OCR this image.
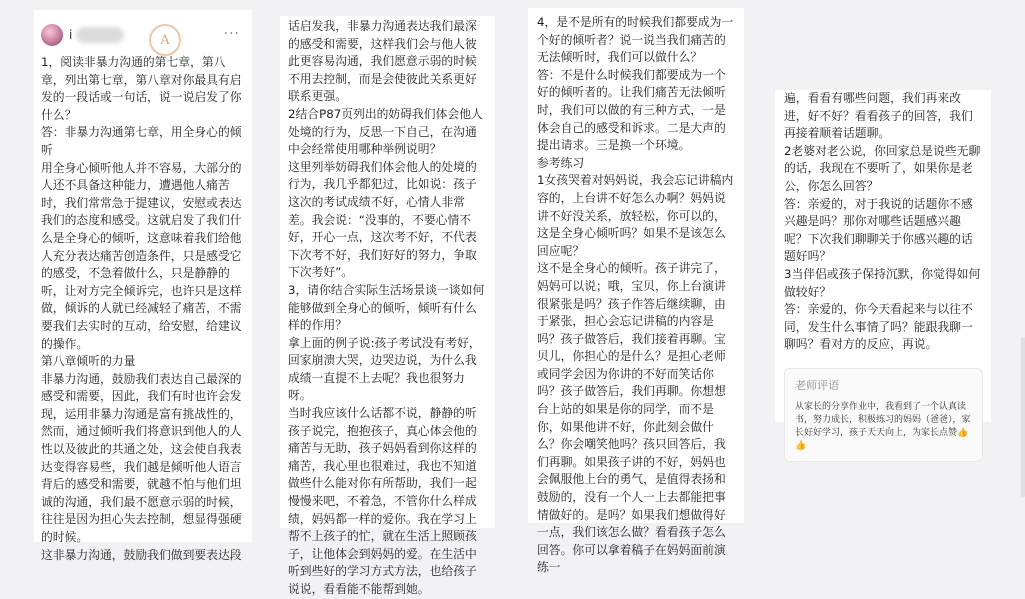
i	A	···

1，阅读非暴力沟通的第七章，第八章，列出第七章，第八章对你最具有启发的一段话或一句话，说一说启发了你什么？

答：非暴力沟通第七章，用全身心的倾听

用全身心倾听他人并不容易，大部分的人还不具备这种能力，遭遇他人痛苦时，我们常常急于提建议，安慰或表达我们的态度和感受。这就启发了我们什么是全身心的倾听，这意味着我们给他人充分表达痛苦创造条件，只是感受它的感受，不急着做什么，只是静静的听，让对方完全倾诉完，也许只是这样做，倾诉的人就已经减轻了痛苦，不需要我们去实时的互动，给安慰，给建议的操作。

第八章倾听的力量

非暴力沟通，鼓励我们表达自己最深的感受和需要，因此，我们有时也许会发现，运用非暴力沟通是富有挑战性的，然而，通过倾听我们将意识到他人的人性以及彼此的共通之处，这会使自我表达变得容易些，我们越是倾听他人语言背后的感受和需要，就越不怕与他们坦诚的沟通，我们最不愿意示弱的时候，往往是因为担心失去控制，想显得强硬的时候。

这非暴力沟通，鼓励我们做到要表达段

话启发我，非暴力沟通表达我们最深的感受和需要，这样我们会与他人彼此更容易沟通，我们愿意示弱的时候不用去控制，而是会使彼此关系更好联系更强。

2结合P87页列出的妨碍我们体会他人处境的行为，反思一下自己，在沟通中会经常使用哪种举例说明？

这里列举妨碍我们体会他人的处境的行为，我几乎都犯过，比如说：孩子这次的考试成绩不好，心情人非常差。我会说：“没事的，不要心情不好，开心一点，这次考不好，不代表下次考不好，我们好好的努力，争取下次考好”。

3，请你结合实际生活场景谈一谈如何能够做到全身心的倾听，倾听有什么样的作用？

拿上面的例子说:孩子考试没有考好，回家崩溃大哭，边哭边说，为什么我成绩一直提不上去呢？我也很努力呀。

当时我应该什么话都不说，静静的听孩子说完，抱抱孩子，真心体会他的痛苦与无助，孩子妈妈看到你这样的痛苦，我心里也很难过，我也不知道做些什么能对你有所帮助，我们一起慢慢来吧，不着急，不管你什么样成绩，妈妈都一样的爱你。我在学习上帮不上孩子的忙，就在生活上照顾孩子，让他体会到妈妈的爱。在生活中听到些好的学习方式方法，也给孩子说说，看看能不能帮到她。

4，是不是所有的时候我们都要成为一个好的倾听者？说一说当我们痛苦的无法倾听时，我们可以做什么？

答：不是什么时候我们都要成为一个好的倾听者的。让我们痛苦无法倾听时，我们可以做的有三种方式，一是体会自己的感受和诉求。二是大声的提出请求。三是换一个环境。

参考练习

1女孩哭着对妈妈说，我会忘记讲稿内容的，上台讲不好怎么办啊？妈妈说讲不好没关系，放轻松，你可以的，这是全身心倾听吗？如果不是该怎么回应呢？

这不是全身心的倾听。孩子讲完了，妈妈可以说；哦，宝贝，你上台演讲很紧张是吗？孩子作答后继续聊，由于紧张，担心会忘记讲稿的内容是吗？孩子做答后，我们接着再聊。宝贝儿，你担心的是什么？是担心老师或同学会因为你讲的不好而笑话你吗？孩子做答后，我们再聊。你想想台上站的如果是你的同学，而不是你，如果他讲不好，你此刻会做什么？你会嘲笑他吗？孩只回答后，我们再聊。如果孩子讲的不好，妈妈也会佩服他上台的勇气，是值得表扬和鼓励的，没有一个人一上去都能把事情做好的。是吗？如果我们想做得好一点，我们该怎么做？看看孩子怎么回答。你可以拿着稿子在妈妈面前演练一

遍，看看有哪些问题，我们再来改进，好不好？看看孩子的回答，我们再接着顺着话题聊。

2老婆对老公说，你回家总是说些无聊的话，我现在不要听了，如果你是老公，你怎么回答？

答：亲爱的，对于我说的话题你不感兴趣是吗？那你对哪些话题感兴趣呢？下次我们聊聊关于你感兴趣的话题好吗？

3当伴侣或孩子保持沉默，你觉得如何做较好？

答：亲爱的，你今天看起来与以往不同，发生什么事情了吗？能跟我聊一聊吗？看对方的反应，再说。

老师评语
从家长的分享作业中，我看到了一个认真读书，努力成长，积极练习的妈妈（爸爸），家长好好学习，孩子天天向上，为家长点赞👍👍
